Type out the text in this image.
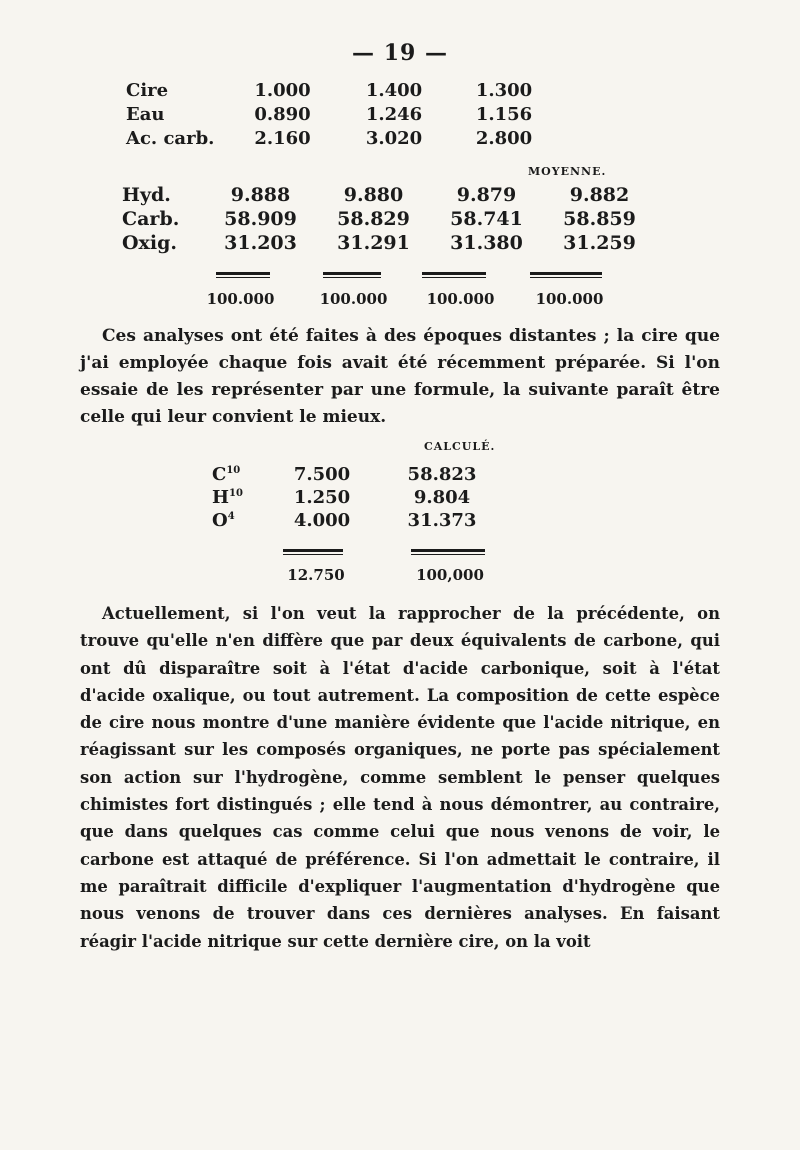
— 19 —
Cire	1.000	1.400	1.300
Eau	0.890	1.246	1.156
Ac. carb.	2.160	3.020	2.800
MOYENNE.
Hyd.	9.888	9.880	9.879	9.882
Carb.	58.909	58.829	58.741	58.859
Oxig.	31.203	31.291	31.380	31.259
100.000	100.000	100.000	100.000
Ces analyses ont été faites à des époques distantes ; la cire que j'ai employée chaque fois avait été récemment préparée. Si l'on essaie de les représenter par une formule, la suivante paraît être celle qui leur convient le mieux.
CALCULÉ.
$C^{10}$	7.500	58.823
$H^{10}$	1.250	9.804
$O^4$	4.000	31.373
12.750	100,000
Actuellement, si l'on veut la rapprocher de la précédente, on trouve qu'elle n'en diffère que par deux équivalents de carbone, qui ont dû disparaître soit à l'état d'acide carbonique, soit à l'état d'acide oxalique, ou tout autrement. La composition de cette espèce de cire nous montre d'une manière évidente que l'acide nitrique, en réagissant sur les composés organiques, ne porte pas spécialement son action sur l'hydrogène, comme semblent le penser quelques chimistes fort distingués ; elle tend à nous démontrer, au contraire, que dans quelques cas comme celui que nous venons de voir, le carbone est attaqué de préférence. Si l'on admettait le contraire, il me paraîtrait difficile d'expliquer l'augmentation d'hydrogène que nous venons de trouver dans ces dernières analyses. En faisant réagir l'acide nitrique sur cette dernière cire, on la voit
